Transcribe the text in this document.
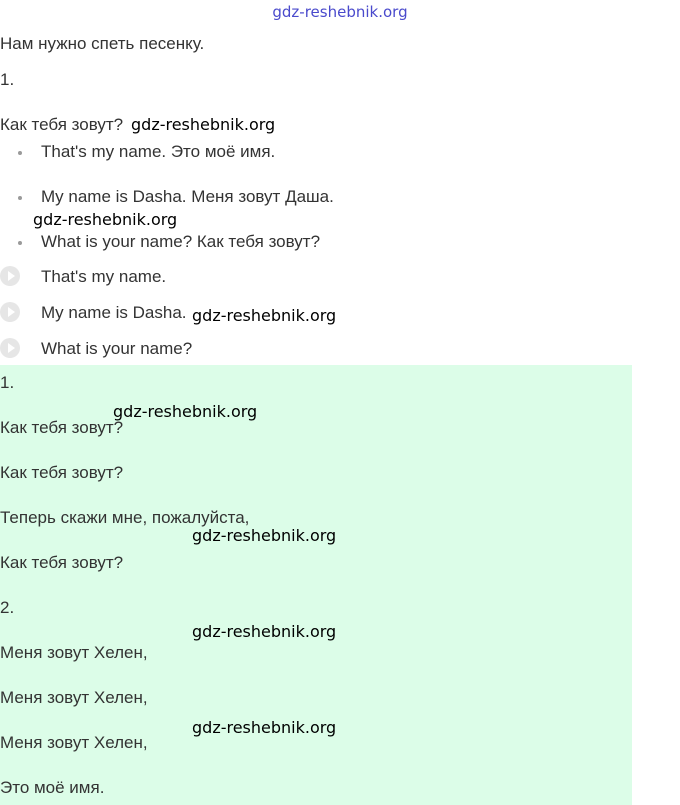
gdz-reshebnik.org
Нам нужно спеть песенку.
1.
Как тебя зовут? gdz-reshebnik.org
That's my name. Это моё имя.
My name is Dasha. Меня зовут Даша.
gdz-reshebnik.org
What is your name? Как тебя зовут?
That's my name.
My name is Dasha. gdz-reshebnik.org
What is your name?
1.
gdz-reshebnik.org
Как тебя зовут?
Как тебя зовут?
Теперь скажи мне, пожалуйста,
gdz-reshebnik.org
Как тебя зовут?
2.
gdz-reshebnik.org
Меня зовут Хелен,
Меня зовут Хелен,
gdz-reshebnik.org
Меня зовут Хелен,
Это моё имя.
